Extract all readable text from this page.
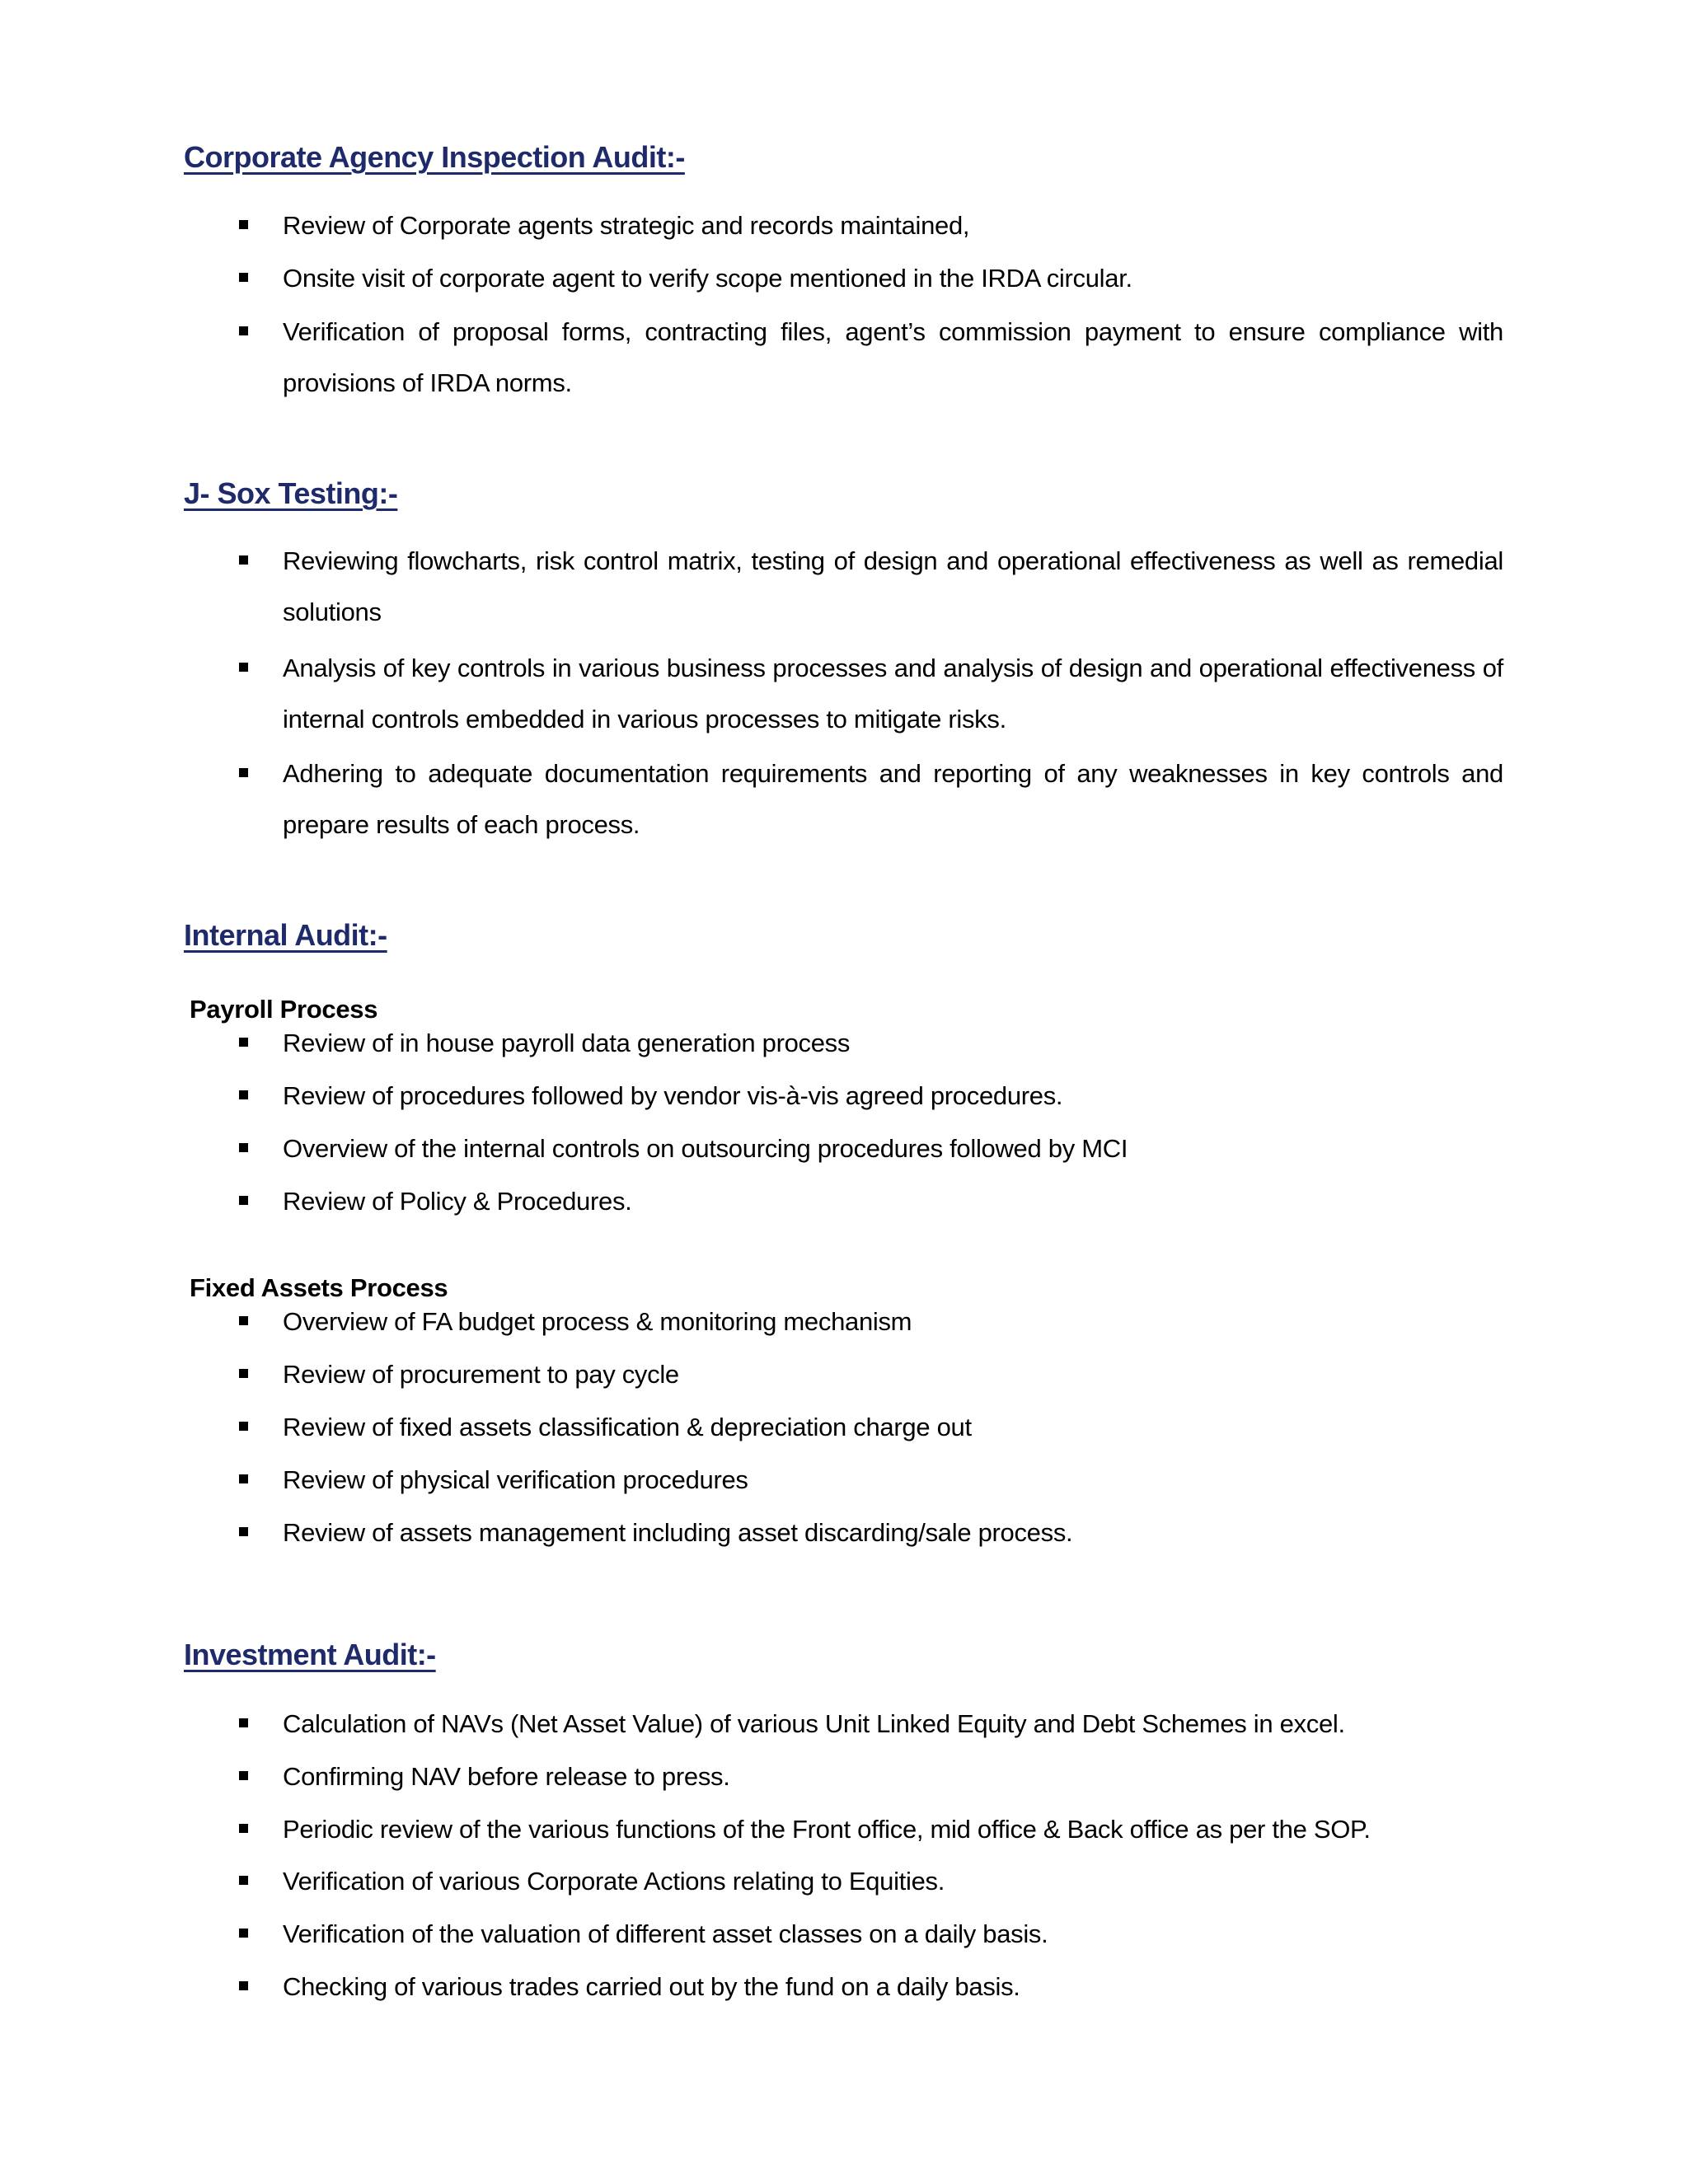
Corporate Agency Inspection Audit:-
Review of Corporate agents strategic and records maintained,
Onsite visit of corporate agent to verify scope mentioned in the IRDA circular.
Verification of proposal forms, contracting files, agent’s commission payment to ensure compliance with provisions of IRDA norms.
J- Sox Testing:-
Reviewing flowcharts, risk control matrix, testing of design and operational effectiveness as well as remedial solutions
Analysis of key controls in various business processes and analysis of design and operational effectiveness of internal controls embedded in various processes to mitigate risks.
Adhering to adequate documentation requirements and reporting of any weaknesses in key controls and prepare results of each process.
Internal Audit:-
Payroll Process
Review of in house payroll data generation process
Review of procedures followed by vendor vis-à-vis agreed procedures.
Overview of the internal controls on outsourcing procedures followed by MCI
Review of Policy & Procedures.
Fixed Assets Process
Overview of FA budget process & monitoring mechanism
Review of procurement to pay cycle
Review of fixed assets classification & depreciation charge out
Review of physical verification procedures
Review of assets management including asset discarding/sale process.
Investment Audit:-
Calculation of NAVs (Net Asset Value) of various Unit Linked Equity and Debt Schemes in excel.
Confirming NAV before release to press.
Periodic review of the various functions of the Front office, mid office & Back office as per the SOP.
Verification of various Corporate Actions relating to Equities.
Verification of the valuation of different asset classes on a daily basis.
Checking of various trades carried out by the fund on a daily basis.
